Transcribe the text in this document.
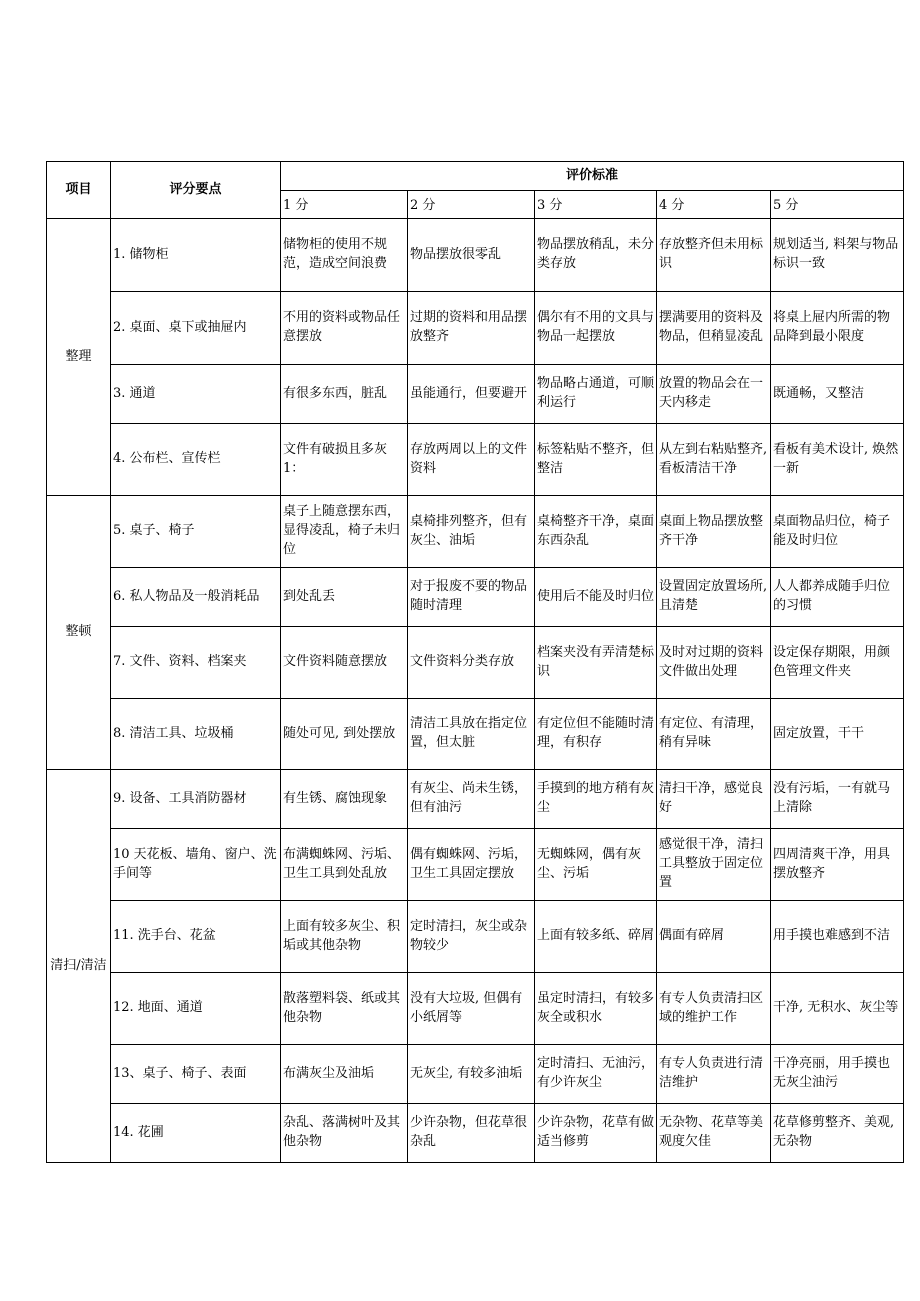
项目	评分要点	评价标准				
		1 分	2 分	3 分	4 分	5 分
整理	1. 储物柜	储物柜的使用不规范，造成空间浪费	物品摆放很零乱	物品摆放稍乱，未分类存放	存放整齐但未用标识	规划适当, 料架与物品标识一致
	2. 桌面、桌下或抽屉内	不用的资料或物品任意摆放	过期的资料和用品摆放整齐	偶尔有不用的文具与物品一起摆放	摆满要用的资料及物品，但稍显凌乱	将桌上屉内所需的物品降到最小限度
	3. 通道	有很多东西，脏乱	虽能通行，但要避开	物品略占通道，可顺利运行	放置的物品会在一天内移走	既通畅，又整洁
	4. 公布栏、宣传栏	文件有破损且多灰 1：	存放两周以上的文件资料	标签粘贴不整齐，但整洁	从左到右粘贴整齐, 看板清洁干净	看板有美术设计, 焕然一新
整顿	5. 桌子、椅子	桌子上随意摆东西，显得凌乱，椅子未归位	桌椅排列整齐，但有灰尘、油垢	桌椅整齐干净，桌面东西杂乱	桌面上物品摆放整齐干净	桌面物品归位，椅子能及时归位
	6. 私人物品及一般消耗品	到处乱丢	对于报废不要的物品随时清理	使用后不能及时归位	设置固定放置场所, 且清楚	人人都养成随手归位的习惯
	7. 文件、资料、档案夹	文件资料随意摆放	文件资料分类存放	档案夹没有弄清楚标识	及时对过期的资料文件做出处理	设定保存期限，用颜色管理文件夹
	8. 清洁工具、垃圾桶	随处可见, 到处摆放	清洁工具放在指定位置，但太脏	有定位但不能随时清理，有积存	有定位、有清理，稍有异味	固定放置，干干
清扫/清洁	9. 设备、工具消防器材	有生锈、腐蚀现象	有灰尘、尚未生锈，但有油污	手摸到的地方稍有灰尘	清扫干净，感觉良好	没有污垢，一有就马上清除
	10 天花板、墙角、窗户、洗手间等	布满蜘蛛网、污垢、卫生工具到处乱放	偶有蜘蛛网、污垢，卫生工具固定摆放	无蜘蛛网，偶有灰尘、污垢	感觉很干净，清扫工具整放于固定位置	四周清爽干净，用具摆放整齐
	11. 洗手台、花盆	上面有较多灰尘、积垢或其他杂物	定时清扫，灰尘或杂物较少	上面有较多纸、碎屑	偶面有碎屑	用手摸也难感到不洁
	12. 地面、通道	散落塑料袋、纸或其他杂物	没有大垃圾, 但偶有小纸屑等	虽定时清扫，有较多灰全或积水	有专人负责清扫区域的维护工作	干净, 无积水、灰尘等
	13、桌子、椅子、表面	布满灰尘及油垢	无灰尘, 有较多油垢	定时清扫、无油污，有少许灰尘	有专人负责进行清洁维护	干净亮丽，用手摸也无灰尘油污
	14. 花圃	杂乱、落满树叶及其他杂物	少许杂物，但花草很杂乱	少许杂物，花草有做适当修剪	无杂物、花草等美观度欠佳	花草修剪整齐、美观, 无杂物
